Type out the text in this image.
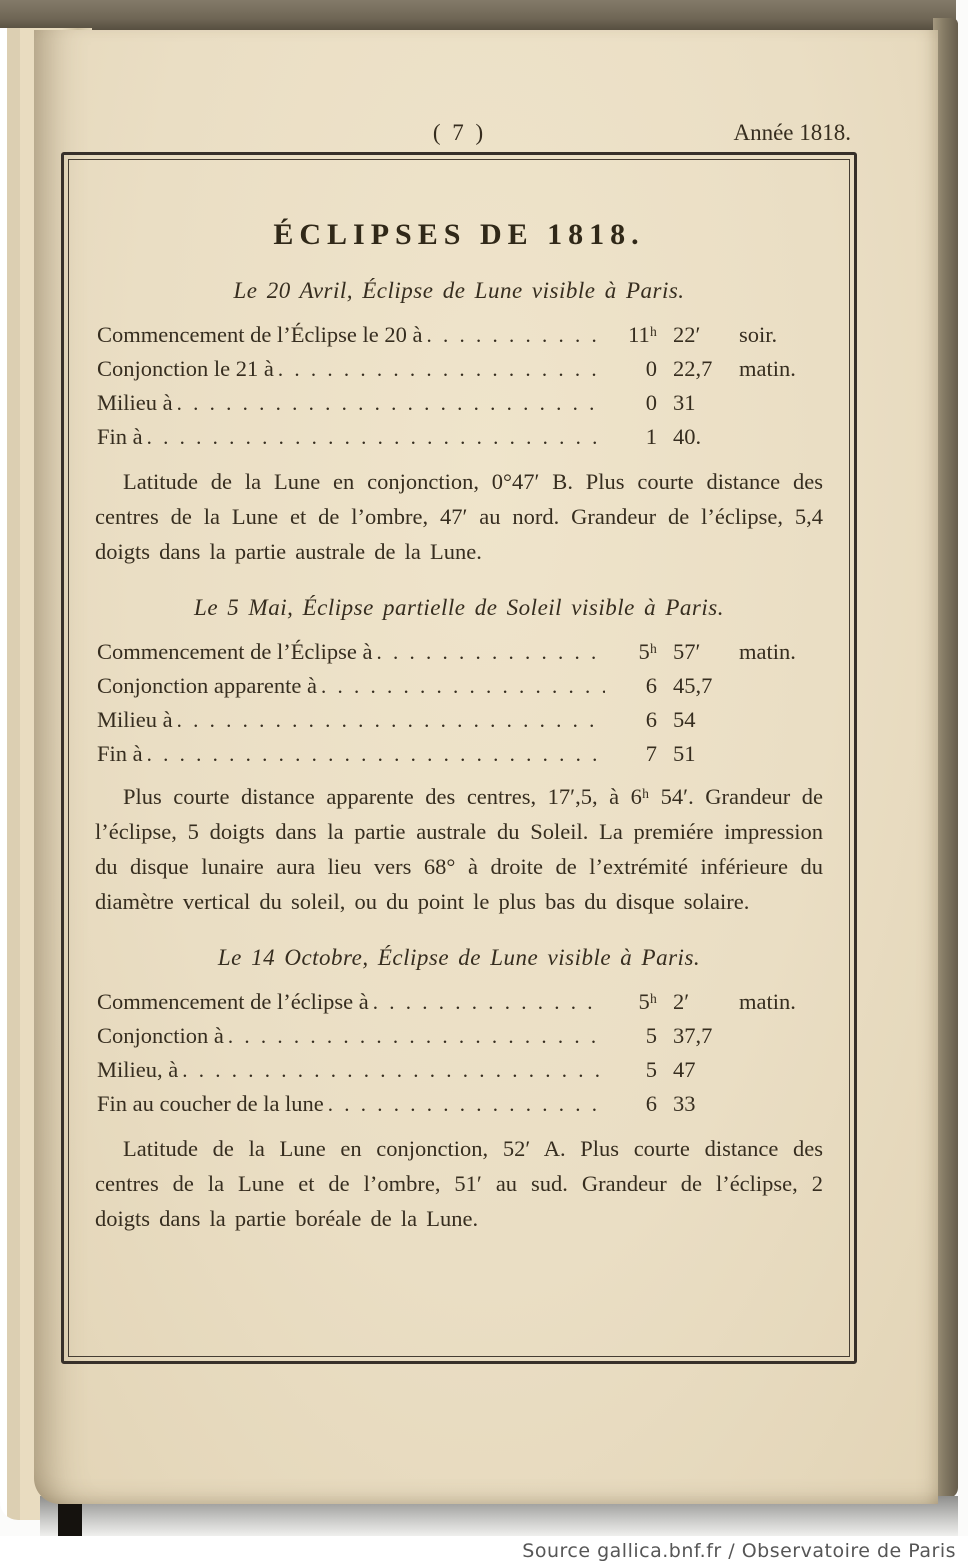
( 7 )	Année 1818.
ÉCLIPSES DE 1818.
Le 20 Avril, Éclipse de Lune visible à Paris.
Commencement de l’Éclipse le 20 à . . .	11ʰ 22′	soir.
Conjonction le 21 à . . .	0 22,7	matin.
Milieu à . . .	0 31
Fin à . . .	1 40.
Latitude de la Lune en conjonction, 0°47′ B. Plus courte distance des centres de la Lune et de l’ombre, 47′ au nord. Grandeur de l’éclipse, 5,4 doigts dans la partie australe de la Lune.
Le 5 Mai, Éclipse partielle de Soleil visible à Paris.
Commencement de l’Éclipse à . . .	5ʰ 57′	matin.
Conjonction apparente à . . .	6 45,7
Milieu à . . .	6 54
Fin à . . .	7 51
Plus courte distance apparente des centres, 17′,5, à 6ʰ 54′. Grandeur de l’éclipse, 5 doigts dans la partie australe du Soleil. La premiére impression du disque lunaire aura lieu vers 68° à droite de l’extrémité inférieure du diamètre vertical du soleil, ou du point le plus bas du disque solaire.
Le 14 Octobre, Éclipse de Lune visible à Paris.
Commencement de l’éclipse à . . .	5ʰ 2′	matin.
Conjonction à . . .	5 37,7
Milieu, à . . .	5 47
Fin au coucher de la lune . . .	6 33
Latitude de la Lune en conjonction, 52′ A. Plus courte distance des centres de la Lune et de l’ombre, 51′ au sud. Grandeur de l’éclipse, 2 doigts dans la partie boréale de la Lune.
Source gallica.bnf.fr / Observatoire de Paris
